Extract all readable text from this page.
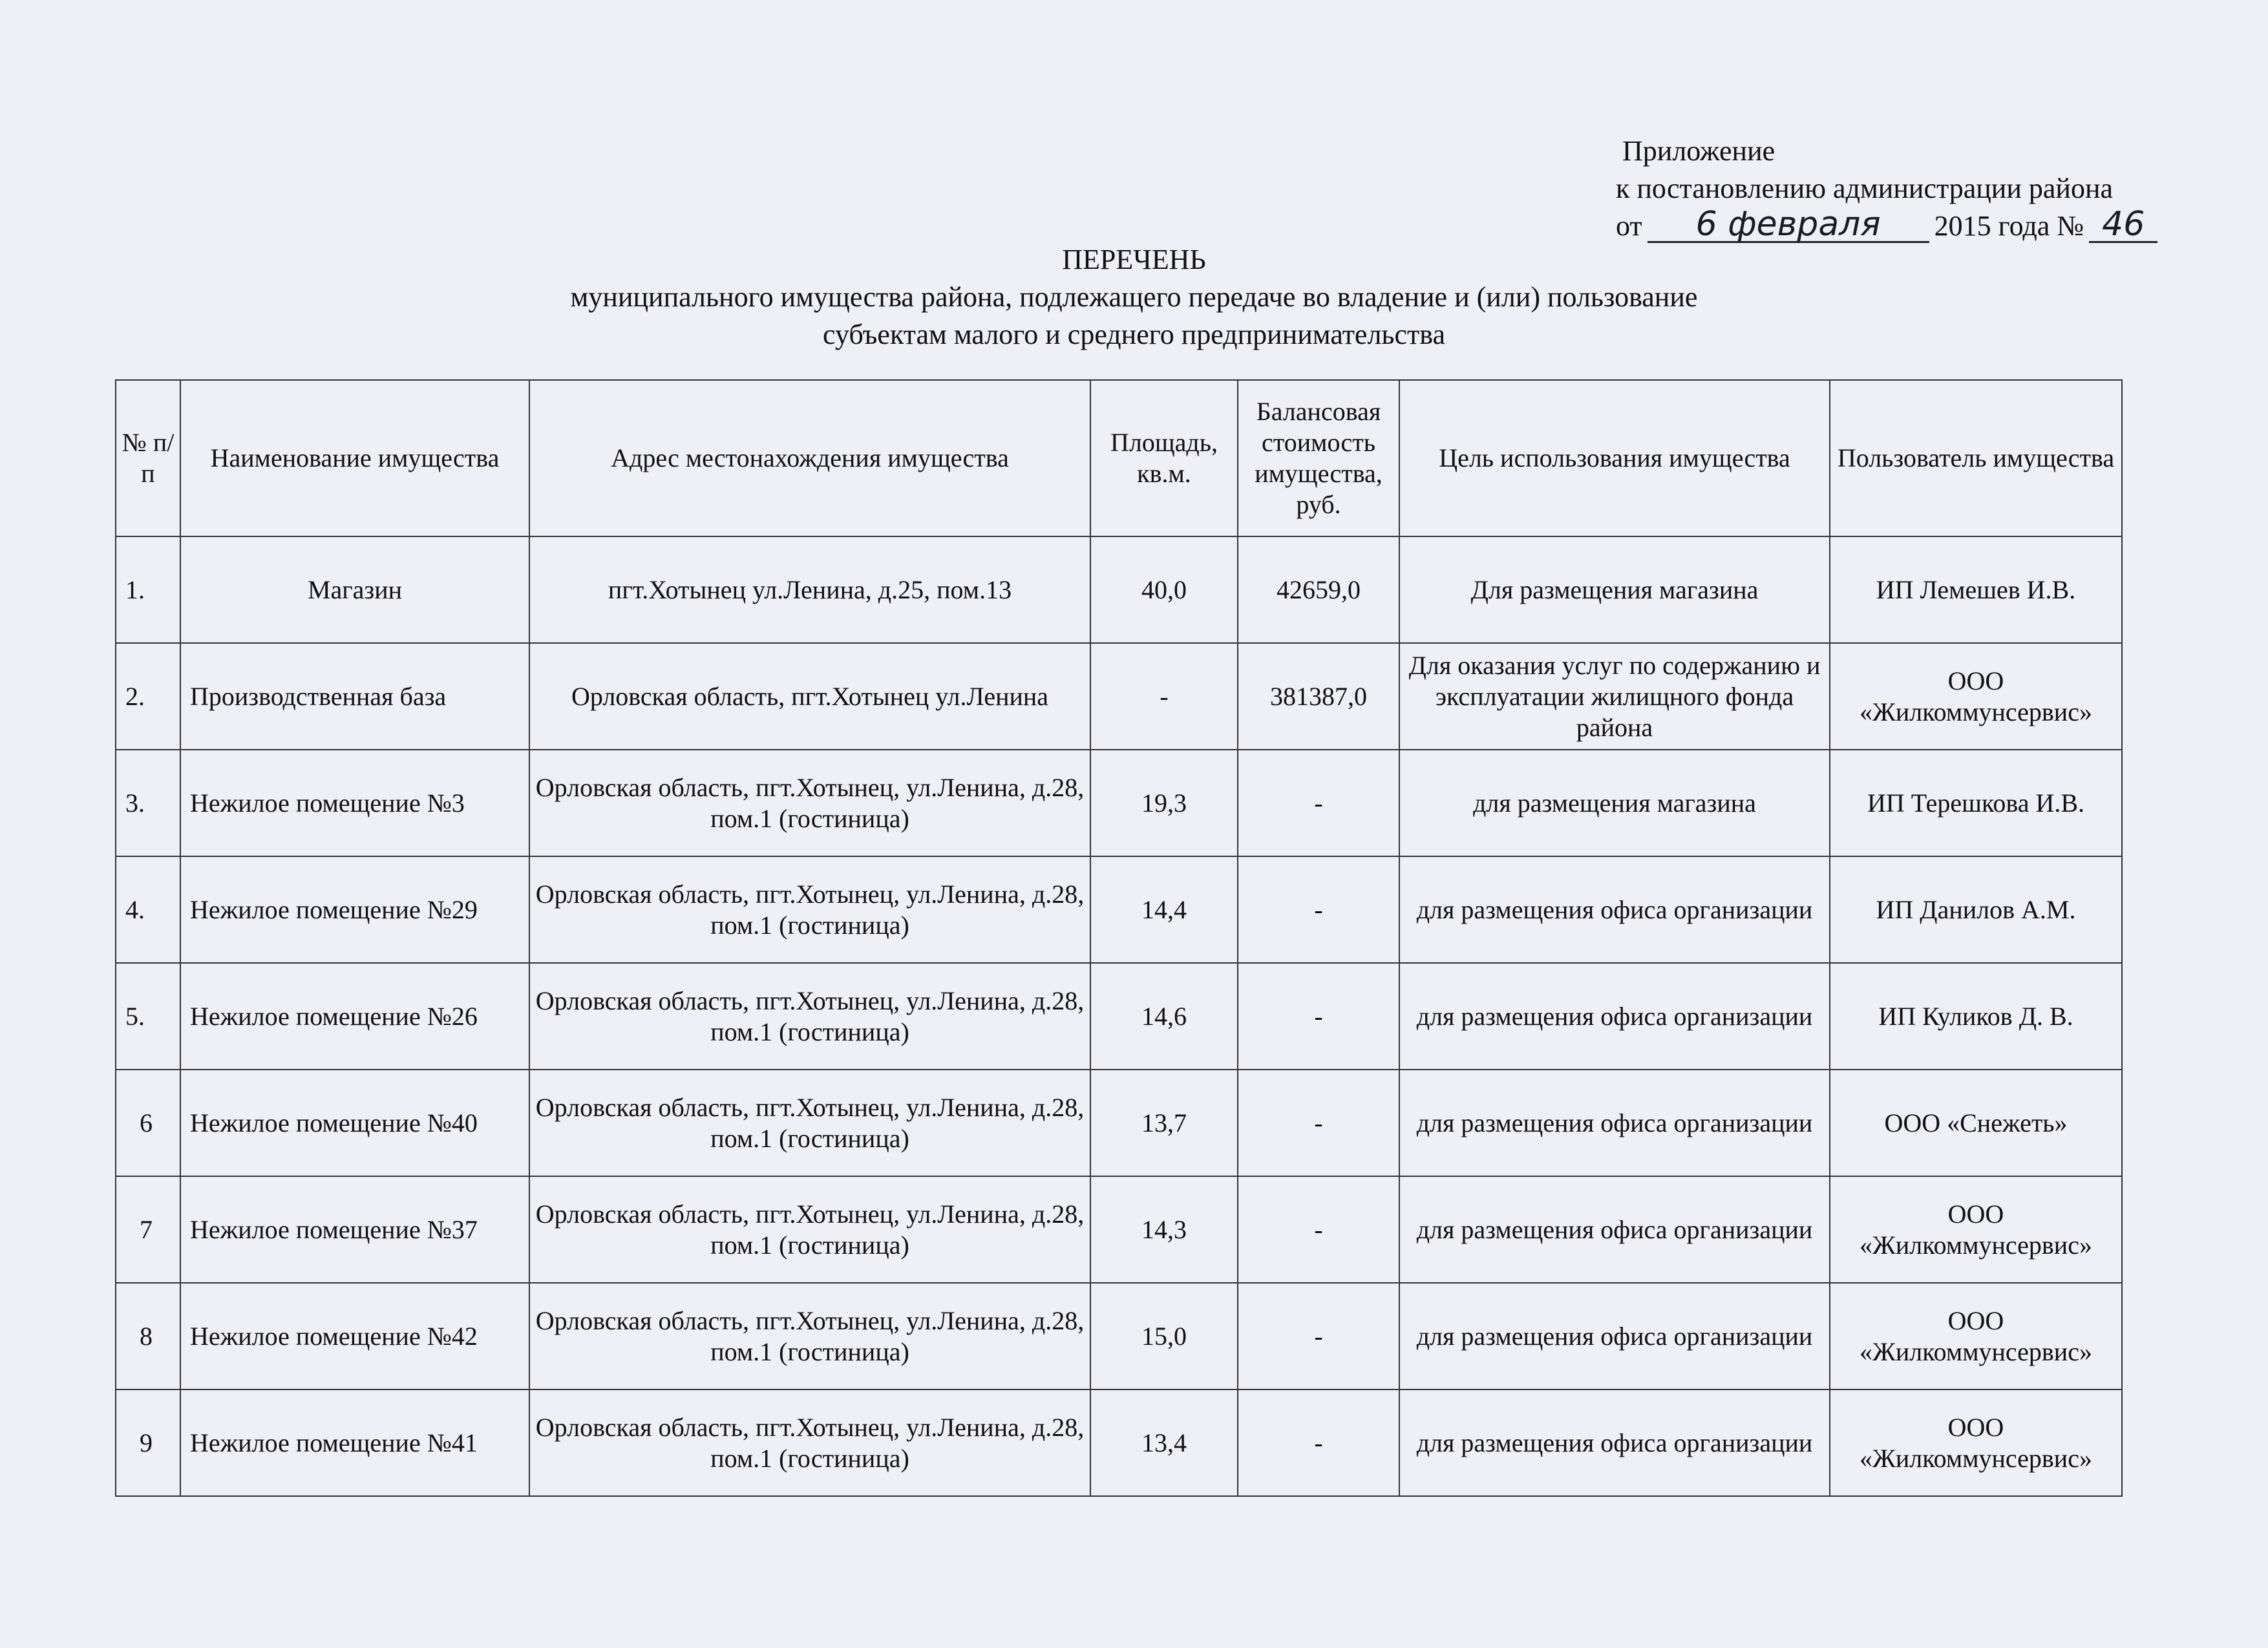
Приложение
к постановлению администрации района
от	6 февраля	2015 года № 46
ПЕРЕЧЕНЬ
муниципального имущества района, подлежащего передаче во владение и (или) пользование
субъектам малого и среднего предпринимательства
№ п/п	Наименование имущества	Адрес местонахождения имущества	Площадь, кв.м.	Балансовая стоимость имущества, руб.	Цель использования имущества	Пользователь имущества
1.	Магазин	пгт.Хотынец ул.Ленина, д.25, пом.13	40,0	42659,0	Для размещения магазина	ИП Лемешев И.В.
2.	Производственная база	Орловская область, пгт.Хотынец ул.Ленина	-	381387,0	Для оказания услуг по содержанию и эксплуатации жилищного фонда района	ООО «Жилкоммунсервис»
3.	Нежилое помещение №3	Орловская область, пгт.Хотынец, ул.Ленина, д.28, пом.1 (гостиница)	19,3	-	для размещения магазина	ИП Терешкова И.В.
4.	Нежилое помещение №29	Орловская область, пгт.Хотынец, ул.Ленина, д.28, пом.1 (гостиница)	14,4	-	для размещения офиса организации	ИП Данилов А.М.
5.	Нежилое помещение №26	Орловская область, пгт.Хотынец, ул.Ленина, д.28, пом.1 (гостиница)	14,6	-	для размещения офиса организации	ИП Куликов Д. В.
6	Нежилое помещение №40	Орловская область, пгт.Хотынец, ул.Ленина, д.28, пом.1 (гостиница)	13,7	-	для размещения офиса организации	ООО «Снежеть»
7	Нежилое помещение №37	Орловская область, пгт.Хотынец, ул.Ленина, д.28, пом.1 (гостиница)	14,3	-	для размещения офиса организации	ООО «Жилкоммунсервис»
8	Нежилое помещение №42	Орловская область, пгт.Хотынец, ул.Ленина, д.28, пом.1 (гостиница)	15,0	-	для размещения офиса организации	ООО «Жилкоммунсервис»
9	Нежилое помещение №41	Орловская область, пгт.Хотынец, ул.Ленина, д.28, пом.1 (гостиница)	13,4	-	для размещения офиса организации	ООО «Жилкоммунсервис»
